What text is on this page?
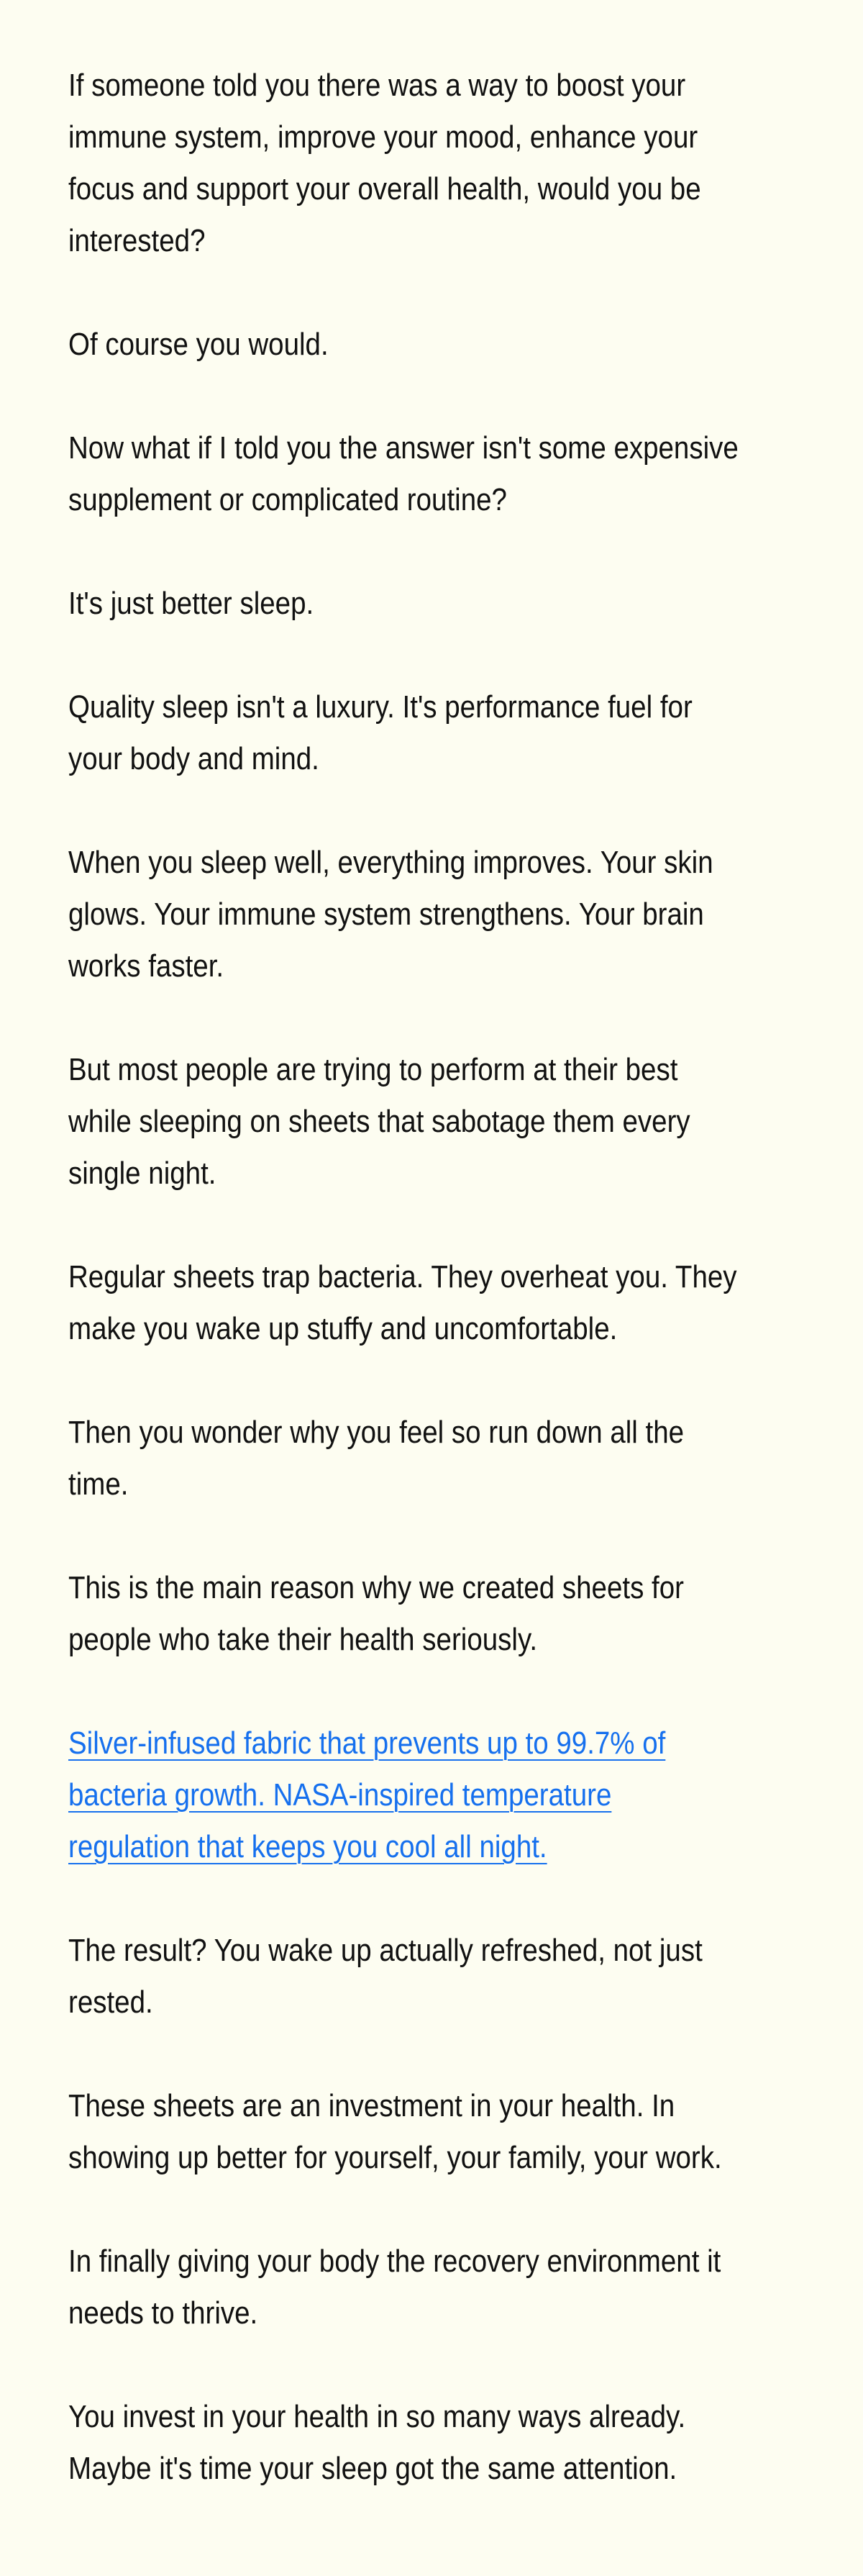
If someone told you there was a way to boost your
immune system, improve your mood, enhance your
focus and support your overall health, would you be
interested?

Of course you would.

Now what if I told you the answer isn't some expensive
supplement or complicated routine?

It's just better sleep.

Quality sleep isn't a luxury. It's performance fuel for
your body and mind.

When you sleep well, everything improves. Your skin
glows. Your immune system strengthens. Your brain
works faster.

But most people are trying to perform at their best
while sleeping on sheets that sabotage them every
single night.

Regular sheets trap bacteria. They overheat you. They
make you wake up stuffy and uncomfortable.

Then you wonder why you feel so run down all the
time.

This is the main reason why we created sheets for
people who take their health seriously.

Silver-infused fabric that prevents up to 99.7% of
bacteria growth. NASA-inspired temperature
regulation that keeps you cool all night.

The result? You wake up actually refreshed, not just
rested.

These sheets are an investment in your health. In
showing up better for yourself, your family, your work.

In finally giving your body the recovery environment it
needs to thrive.

You invest in your health in so many ways already.
Maybe it's time your sleep got the same attention.
